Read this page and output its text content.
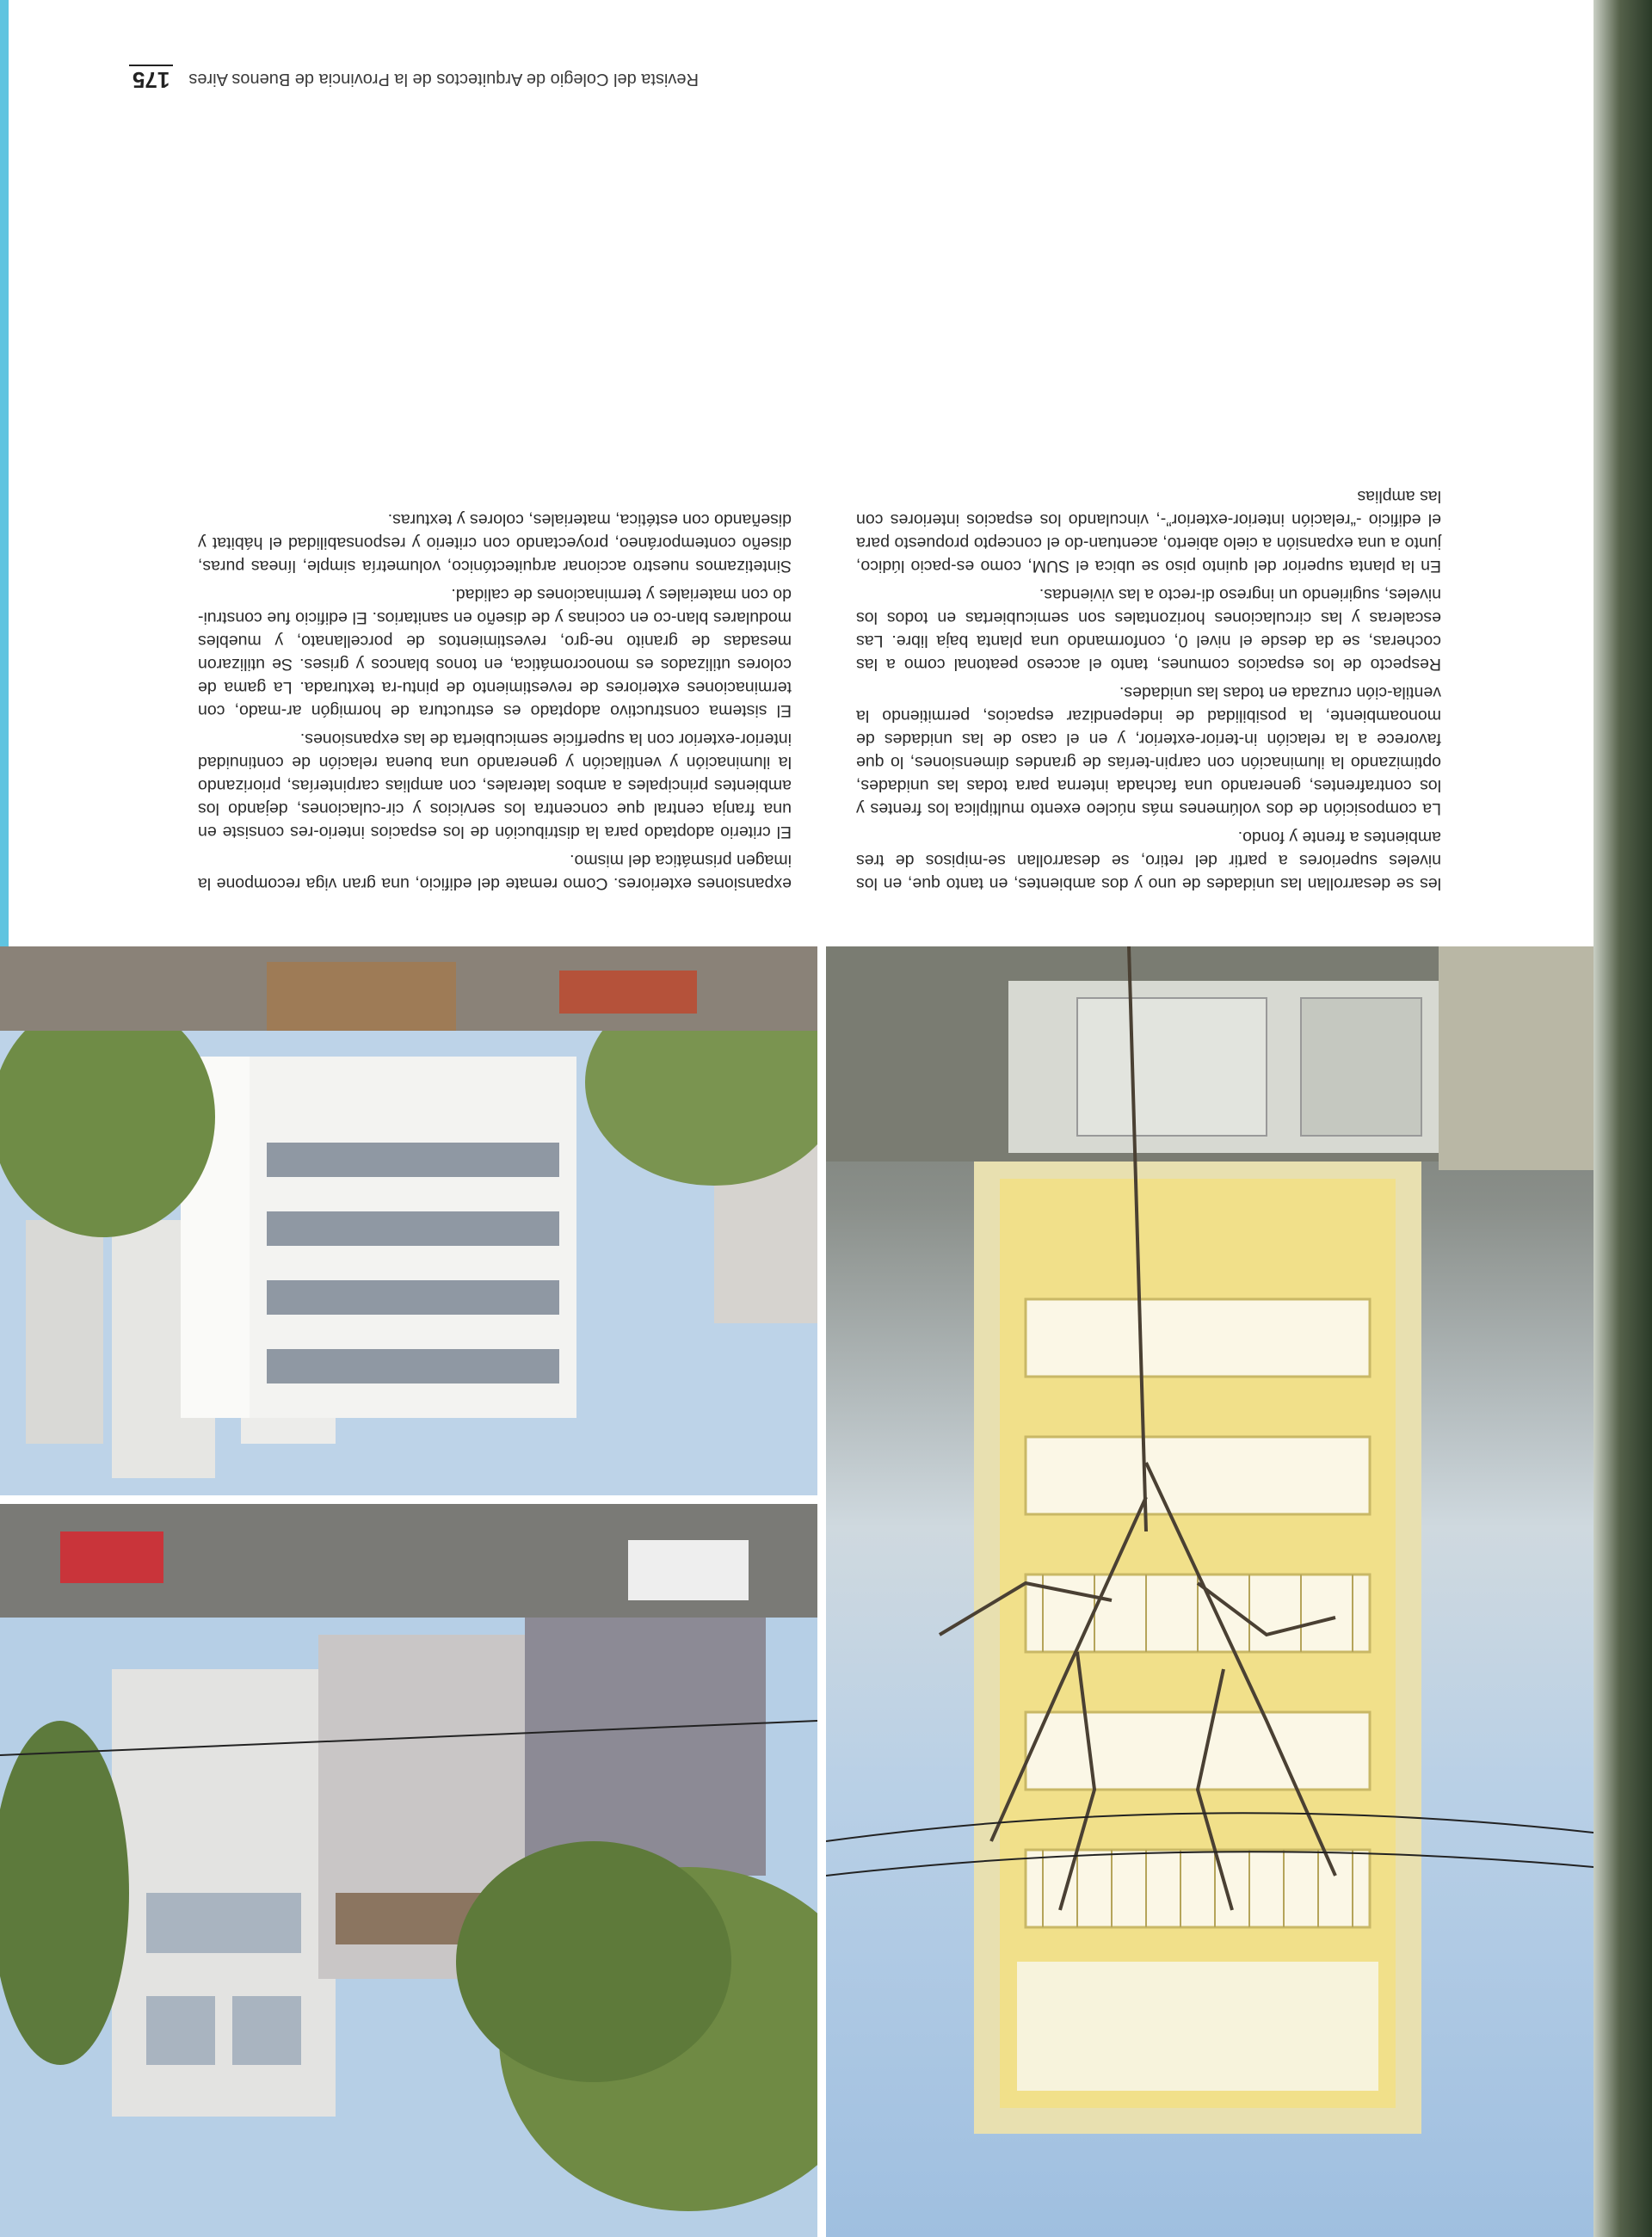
les se desarrollan las unidades de uno y dos ambientes, en tanto que, en los niveles superiores a partir del retiro, se desarrollan se-mipisos de tres ambientes a frente y fondo.

La composición de dos volúmenes más núcleo exento multiplica los frentes y los contrafrentes, generando una fachada interna para todas las unidades, optimizando la iluminación con carpin-terías de grandes dimensiones, lo que favorece a la relación in-terior-exterior, y en el caso de las unidades de monoambiente, la posibilidad de independizar espacios, permitiendo la ventila-ción cruzada en todas las unidades.

Respecto de los espacios comunes, tanto el acceso peatonal como a las cocheras, se da desde el nivel 0, conformando una planta baja libre. Las escaleras y las circulaciones horizontales son semicubiertas en todos los niveles, sugiriendo un ingreso di-recto a las viviendas.

En la planta superior del quinto piso se ubica el SUM, como es-pacio lúdico, junto a una expansión a cielo abierto, acentuan-do el concepto propuesto para el edificio -“relación interior-exterior”-, vinculando los espacios interiores con las amplias

expansiones exteriores. Como remate del edificio, una gran viga recompone la imagen prismática del mismo.

El criterio adoptado para la distribución de los espacios interio-res consiste en una franja central que concentra los servicios y cir-culaciones, dejando los ambientes principales a ambos laterales, con amplias carpinterías, priorizando la iluminación y ventilación y generando una buena relación de continuidad interior-exterior con la superficie semicubierta de las expansiones.

El sistema constructivo adoptado es estructura de hormigón ar-mado, con terminaciones exteriores de revestimiento de pintu-ra texturada. La gama de colores utilizados es monocromática, en tonos blancos y grises. Se utilizaron mesadas de granito ne-gro, revestimientos de porcellanato, y muebles modulares blan-co en cocinas y de diseño en sanitarios. El edificio fue construi-do con materiales y terminaciones de calidad.

Sintetizamos nuestro accionar arquitectónico, volumetría simple, líneas puras, diseño contemporáneo, proyectando con criterio y responsabilidad el hábitat y diseñando con estética, materiales, colores y texturas.

Revista del Colegio de Arquitectos de la Provincia de Buenos Aires
175
